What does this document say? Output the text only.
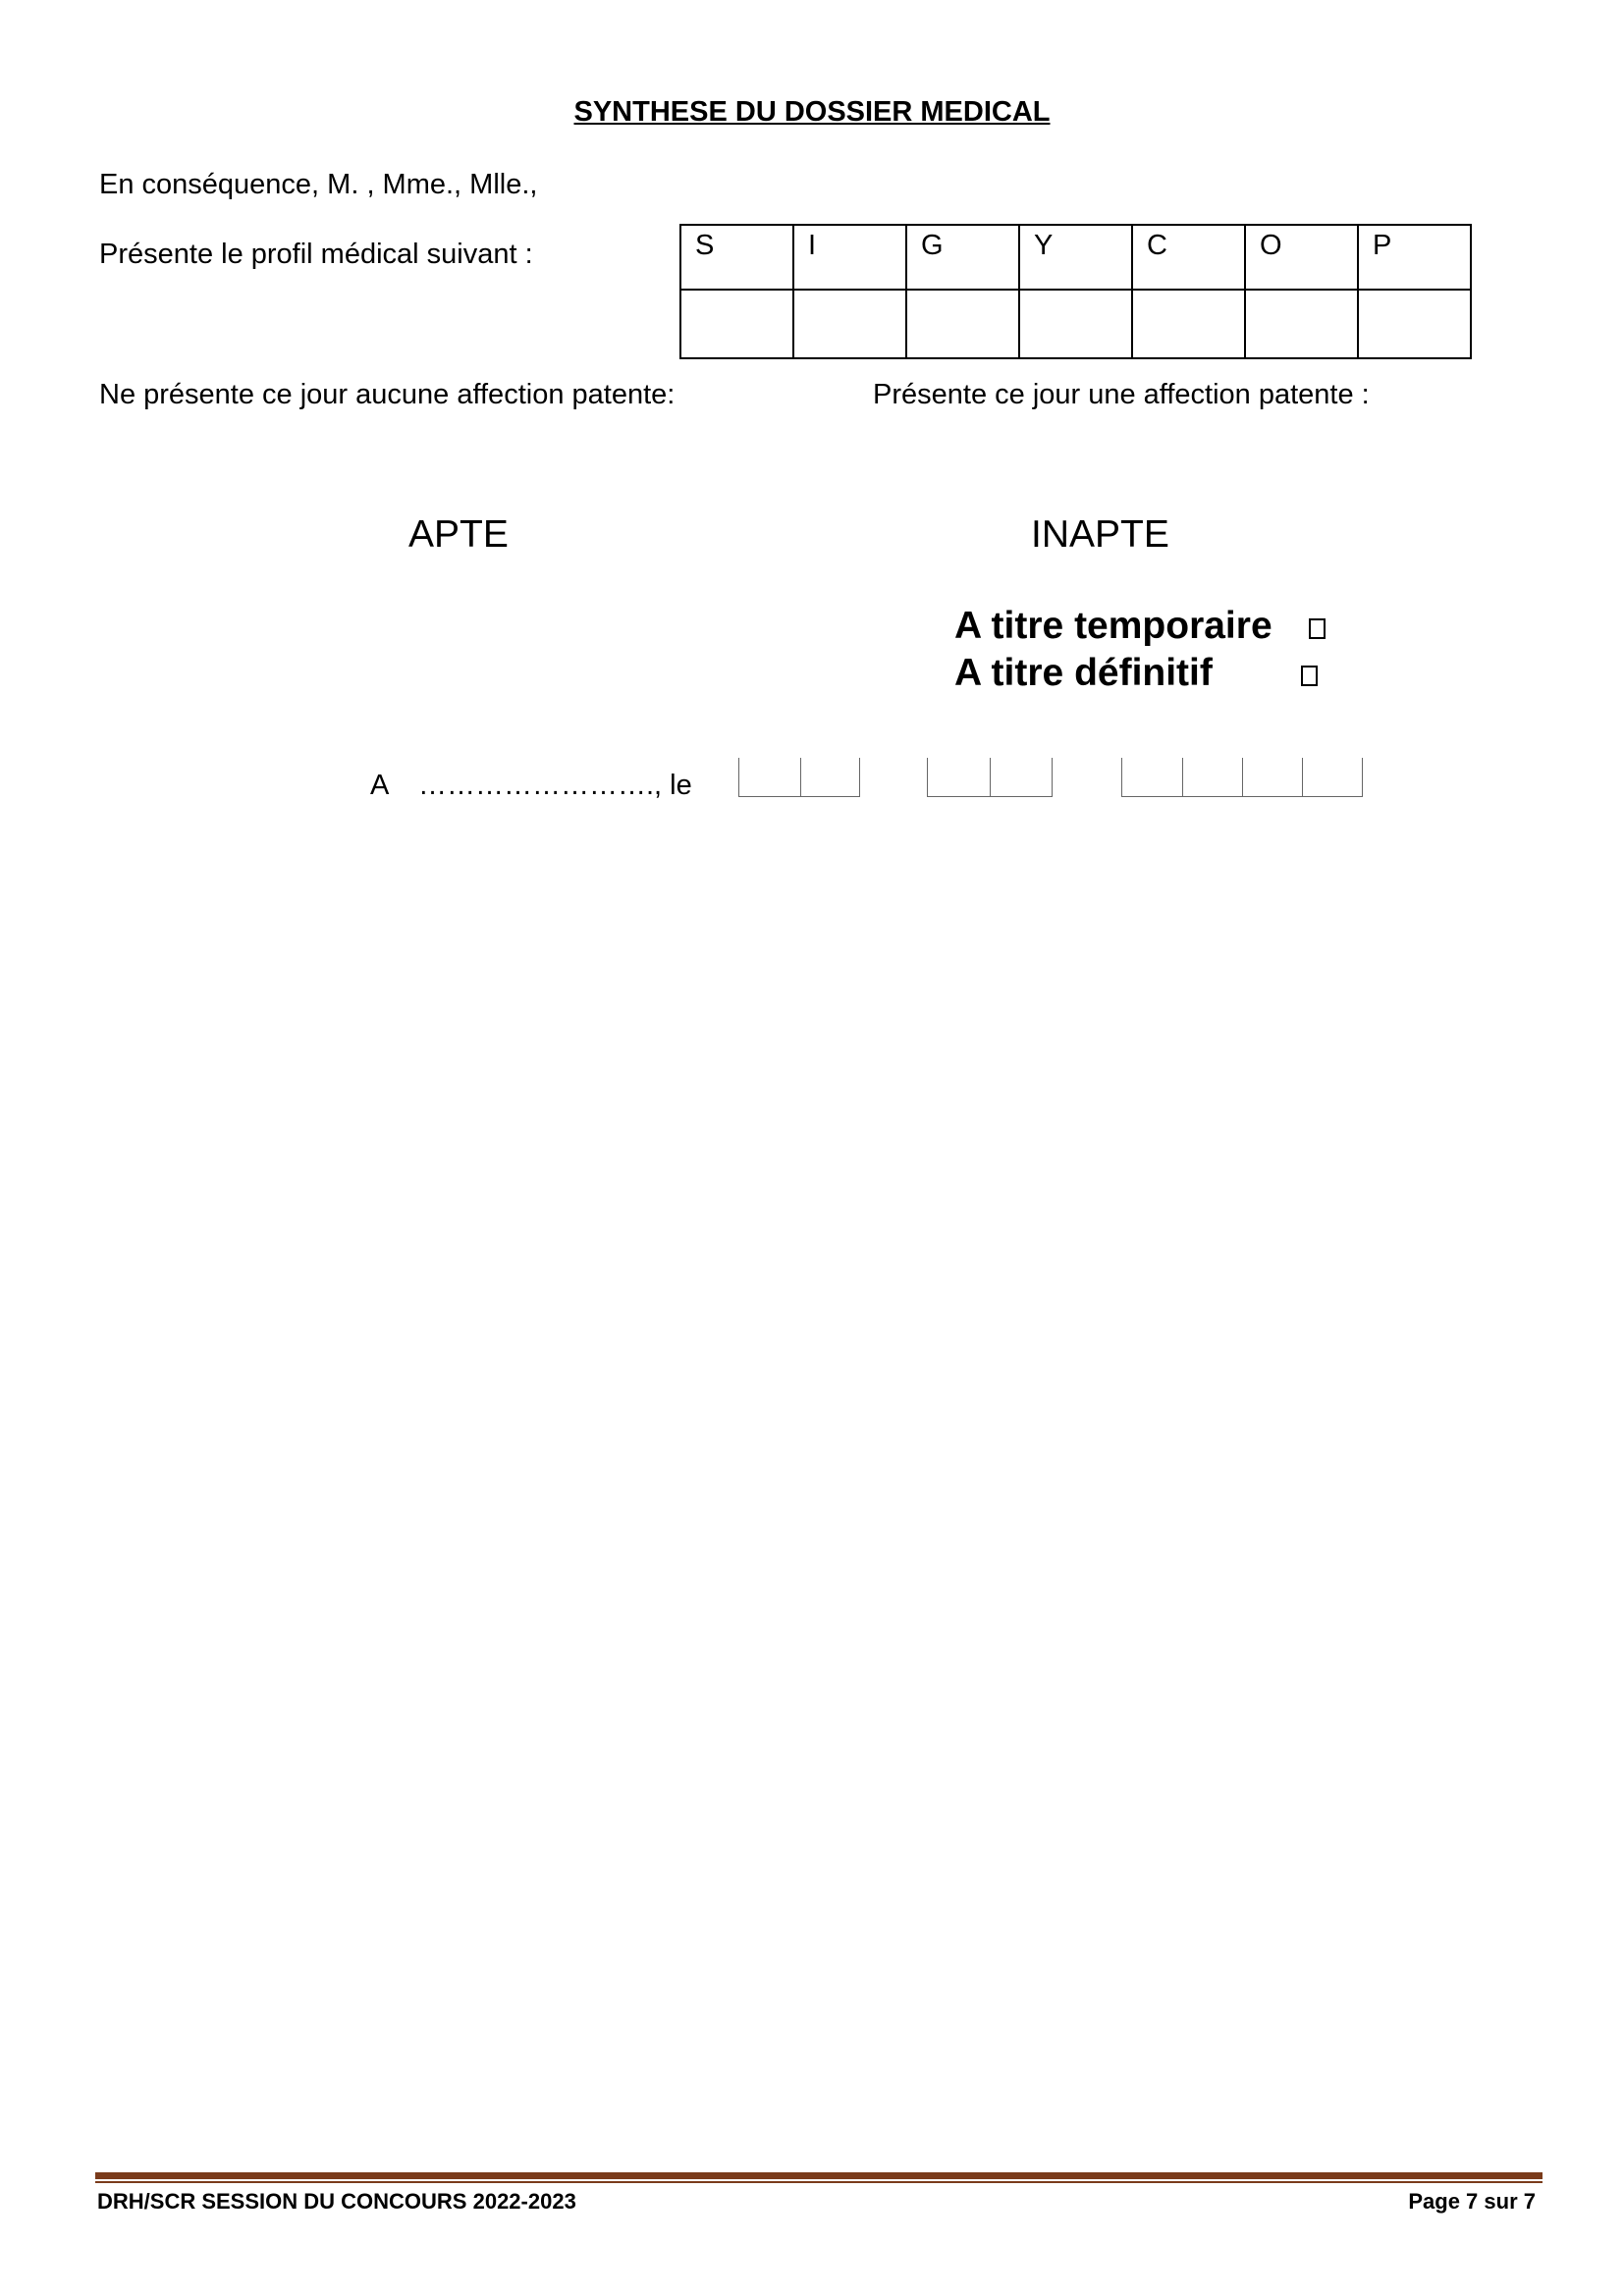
SYNTHESE DU DOSSIER MEDICAL
En conséquence, M. , Mme., Mlle.,
Présente le profil médical suivant :	S	I	G	Y	C	O	P

Ne présente ce jour aucune affection patente:	Présente ce jour une affection patente :
APTE	INAPTE
A titre temporaire
A titre définitif
A ……………………., le
DRH/SCR SESSION DU CONCOURS 2022-2023	Page 7 sur 7
